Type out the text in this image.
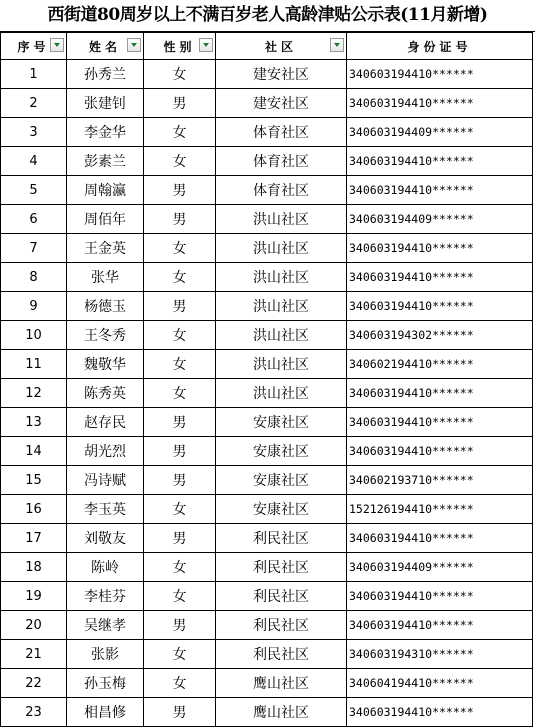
西街道80周岁以上不满百岁老人高龄津贴公示表(11月新增)
序号	姓名	性别	社区	身份证号
1	孙秀兰	女	建安社区	340603194410******
2	张建钊	男	建安社区	340603194410******
3	李金华	女	体育社区	340603194409******
4	彭素兰	女	体育社区	340603194410******
5	周翰瀛	男	体育社区	340603194410******
6	周佰年	男	洪山社区	340603194409******
7	王金英	女	洪山社区	340603194410******
8	张华	女	洪山社区	340603194410******
9	杨德玉	男	洪山社区	340603194410******
10	王冬秀	女	洪山社区	340603194302******
11	魏敬华	女	洪山社区	340602194410******
12	陈秀英	女	洪山社区	340603194410******
13	赵存民	男	安康社区	340603194410******
14	胡光烈	男	安康社区	340603194410******
15	冯诗赋	男	安康社区	340602193710******
16	李玉英	女	安康社区	152126194410******
17	刘敬友	男	利民社区	340603194410******
18	陈岭	女	利民社区	340603194409******
19	李桂芬	女	利民社区	340603194410******
20	吴继孝	男	利民社区	340603194410******
21	张影	女	利民社区	340603194310******
22	孙玉梅	女	鹰山社区	340604194410******
23	相昌修	男	鹰山社区	340603194410******
